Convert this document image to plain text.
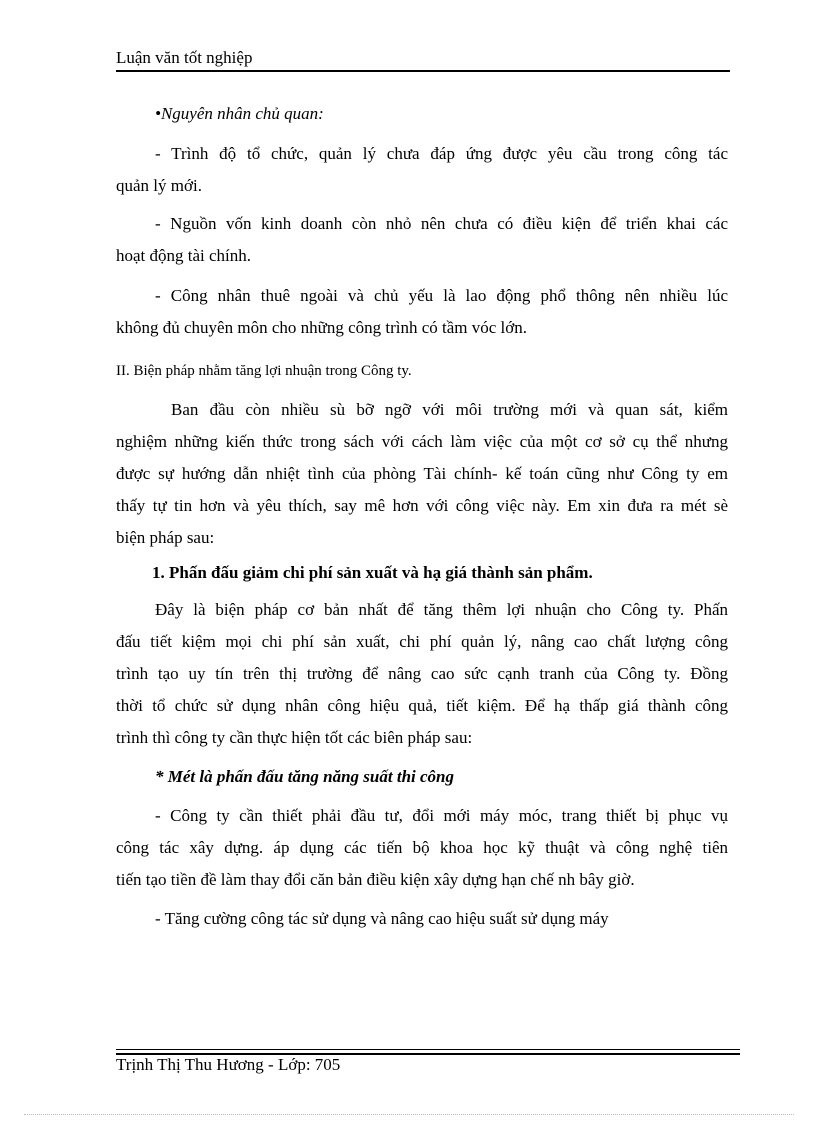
Luận văn tốt nghiệp
•Nguyên nhân chủ quan:
- Trình độ tổ chức, quản lý chưa đáp ứng được yêu cầu trong công tác
quản lý mới.
- Nguồn vốn kinh doanh còn nhỏ nên chưa có điều kiện để triển khai các
hoạt động tài chính.
- Công nhân thuê ngoài và chủ yếu là lao động phổ thông nên nhiều lúc
không đủ chuyên môn cho những công trình có tầm vóc lớn.
II. Biện pháp nhằm tăng lợi nhuận trong Công ty.
Ban đầu còn nhiều sù bỡ ngỡ với môi trường mới và quan sát, kiểm
nghiệm những kiến thức trong sách với cách làm việc của một cơ sở cụ thể nhưng
được sự hướng dẫn nhiệt tình của phòng Tài chính- kế toán cũng như Công ty em
thấy tự tin hơn và yêu thích, say mê hơn với công việc này. Em xin đưa ra mét sè
biện pháp sau:
1. Phấn đấu giảm chi phí sản xuất và hạ giá thành sản phẩm.
Đây là biện pháp cơ bản nhất để tăng thêm lợi nhuận cho Công ty. Phấn
đấu tiết kiệm mọi chi phí sản xuất, chi phí quản lý, nâng cao chất lượng công
trình tạo uy tín trên thị trường để nâng cao sức cạnh tranh của Công ty. Đồng
thời tổ chức sử dụng nhân công hiệu quả, tiết kiệm. Để hạ thấp giá thành công
trình thì công ty cần thực hiện tốt các biên pháp sau:
* Mét là phấn đấu tăng năng suất thi công
- Công ty cần thiết phải đầu tư, đổi mới máy móc, trang thiết bị phục vụ
công tác xây dựng. áp dụng các tiến bộ khoa học kỹ thuật và công nghệ tiên
tiến tạo tiền đề làm thay đổi căn bản điều kiện xây dựng hạn chế nh bây giờ.
- Tăng cường công tác sử dụng và nâng cao hiệu suất sử dụng máy
Trịnh Thị Thu Hương - Lớp: 705
